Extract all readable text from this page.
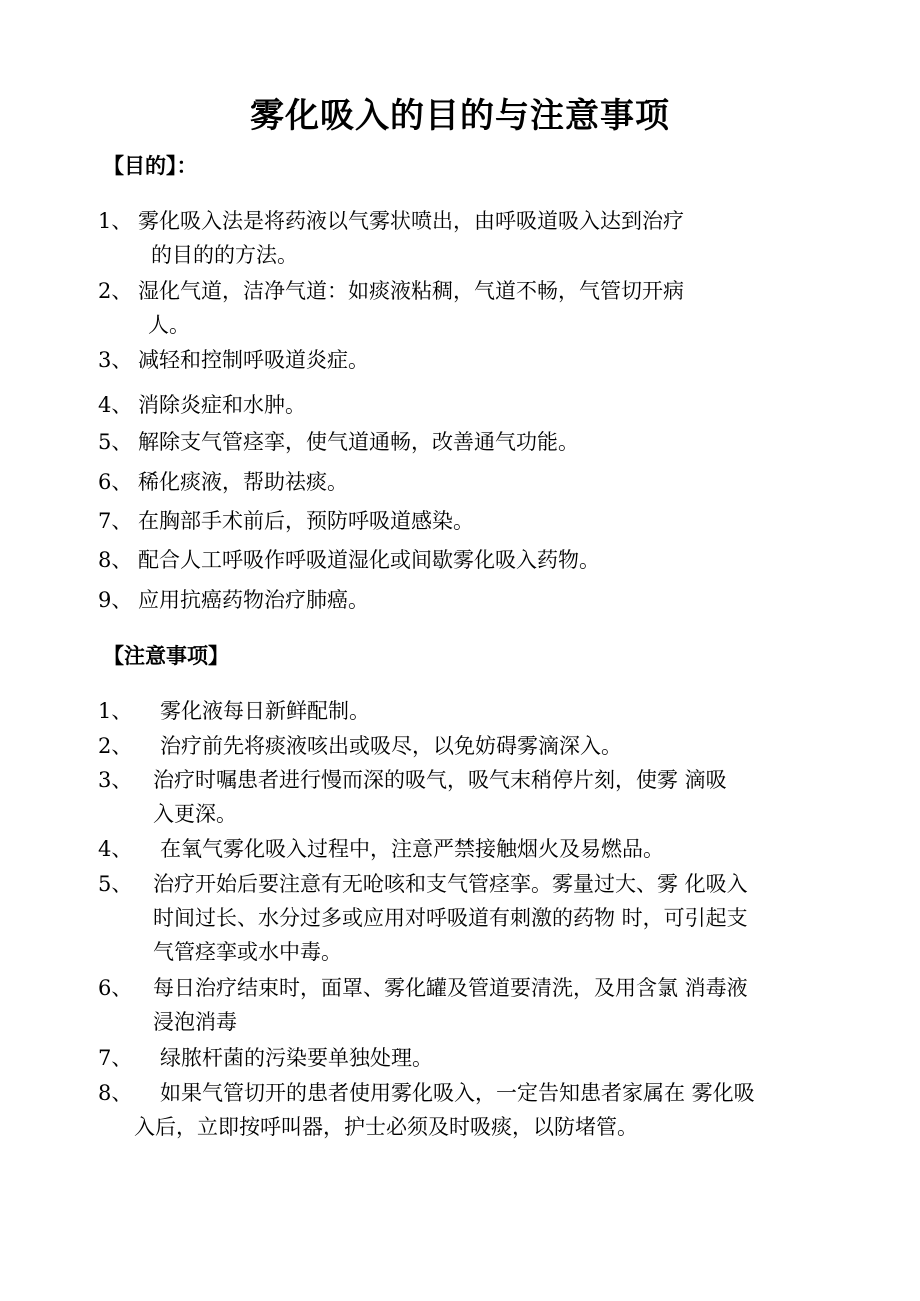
雾化吸入的目的与注意事项
【目的】：
1、 雾化吸入法是将药液以气雾状喷出，由呼吸道吸入达到治疗
的目的的方法。
2、 湿化气道，洁净气道：如痰液粘稠，气道不畅，气管切开病
人。
3、 减轻和控制呼吸道炎症。
4、 消除炎症和水肿。
5、 解除支气管痉挛，使气道通畅，改善通气功能。
6、 稀化痰液，帮助祛痰。
7、 在胸部手术前后，预防呼吸道感染。
8、 配合人工呼吸作呼吸道湿化或间歇雾化吸入药物。
9、 应用抗癌药物治疗肺癌。
【注意事项】
1、 雾化液每日新鲜配制。
2、 治疗前先将痰液咳出或吸尽，以免妨碍雾滴深入。
3、 治疗时嘱患者进行慢而深的吸气，吸气末稍停片刻，使雾 滴吸
入更深。
4、 在氧气雾化吸入过程中，注意严禁接触烟火及易燃品。
5、 治疗开始后要注意有无呛咳和支气管痉挛。雾量过大、雾 化吸入
时间过长、水分过多或应用对呼吸道有刺激的药物 时，可引起支
气管痉挛或水中毒。
6、 每日治疗结束时，面罩、雾化罐及管道要清洗，及用含氯 消毒液
浸泡消毒
7、 绿脓杆菌的污染要单独处理。
8、 如果气管切开的患者使用雾化吸入，一定告知患者家属在 雾化吸
入后，立即按呼叫器，护士必须及时吸痰，以防堵管。
